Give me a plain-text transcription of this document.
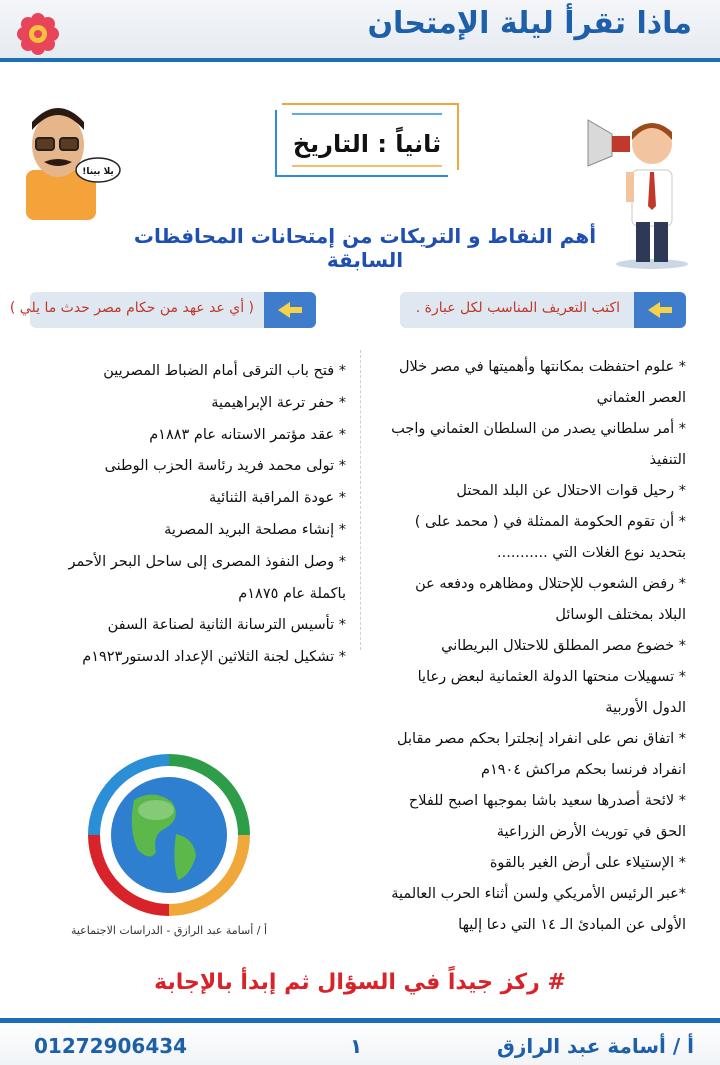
ماذا تقرأ ليلة الإمتحان
يلا بينا!
ثانياً : التاريخ
أهم النقاط و التريكات من إمتحانات المحافظات السابقة
اكتب التعريف المناسب لكل عبارة .
( أي عد عهد من حكام مصر حدث ما يلي )
* علوم احتفظت بمكانتها وأهميتها في مصر خلال
العصر العثماني
* أمر سلطاني يصدر من السلطان العثماني واجب
التنفيذ
* رحيل قوات الاحتلال عن البلد المحتل
* أن تقوم الحكومة الممثلة في ( محمد على )
بتحديد نوع الغلات التي ...........
* رفض الشعوب للإحتلال ومظاهره ودفعه عن
البلاد بمختلف الوسائل
* خضوع مصر المطلق للاحتلال البريطاني
* تسهيلات منحتها الدولة العثمانية لبعض رعايا
الدول الأوربية
* اتفاق نص على انفراد إنجلترا بحكم مصر مقابل
انفراد فرنسا بحكم مراكش ١٩٠٤م
* لائحة أصدرها سعيد باشا بموجبها اصبح للفلاح
الحق في توريث الأرض الزراعية
* الإستيلاء على أرض الغير بالقوة
*عبر الرئيس الأمريكي ولسن أثناء الحرب العالمية
الأولى عن المبادئ الـ ١٤ التي دعا إليها
* فتح باب الترقى أمام الضباط المصريين
* حفر ترعة الإبراهيمية
* عقد مؤتمر الاستانه عام ١٨٨٣م
* تولى محمد فريد رئاسة الحزب الوطنى
* عودة المراقبة الثنائية
* إنشاء مصلحة البريد المصرية
* وصل النفوذ المصرى إلى ساحل البحر الأحمر
باكملة عام ١٨٧٥م
* تأسيس الترسانة الثانية لصناعة السفن
* تشكيل لجنة الثلاثين الإعداد الدستور١٩٢٣م
أ / أسامة عبد الرازق - الدراسات الاجتماعية
# ركز جيداً في السؤال ثم إبدأ بالإجابة
أ / أسامة عبد الرازق
١
01272906434
